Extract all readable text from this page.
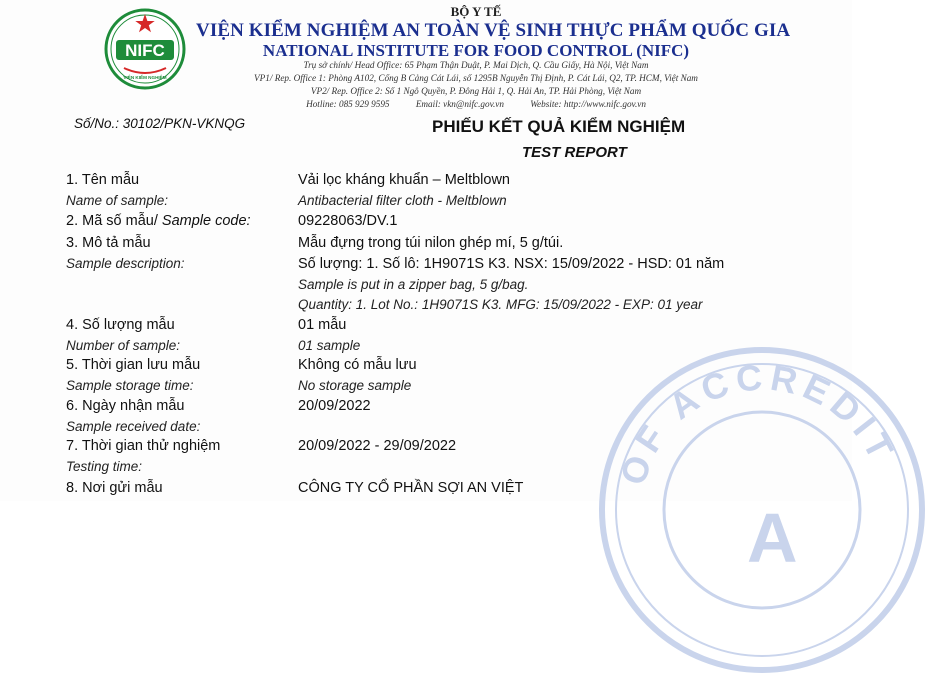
OF ACCREDIT
A
NIFC
VIỆN KIỂM NGHIỆM
BỘ Y TẾ
VIỆN KIỂM NGHIỆM AN TOÀN VỆ SINH THỰC PHẨM QUỐC GIA
NATIONAL INSTITUTE FOR FOOD CONTROL (NIFC)
Trụ sở chính/ Head Office: 65 Phạm Thận Duật, P. Mai Dịch, Q. Cầu Giấy, Hà Nội, Việt Nam
VP1/ Rep. Office 1: Phòng A102, Cổng B Cảng Cát Lái, số 1295B Nguyễn Thị Định, P. Cát Lái, Q2, TP. HCM, Việt Nam
VP2/ Rep. Office 2: Số 1 Ngô Quyền, P. Đông Hải 1, Q. Hải An, TP. Hải Phòng, Việt Nam
Hotline: 085 929 9595	Email: vkn@nifc.gov.vn	Website: http://www.nifc.gov.vn
Số/No.: 30102/PKN-VKNQG	PHIẾU KẾT QUẢ KIỂM NGHIỆM
TEST REPORT
1. Tên mẫu	Vải lọc kháng khuẩn – Meltblown
Name of sample:	Antibacterial filter cloth - Meltblown
2. Mã số mẫu/ Sample code:	09228063/DV.1
3. Mô tả mẫu	Mẫu đựng trong túi nilon ghép mí, 5 g/túi.
Sample description:	Số lượng: 1. Số lô: 1H9071S K3. NSX: 15/09/2022 - HSD: 01 năm
Sample is put in a zipper bag, 5 g/bag.
Quantity: 1. Lot No.: 1H9071S K3. MFG: 15/09/2022 - EXP: 01 year
4. Số lượng mẫu	01 mẫu
Number of sample:	01 sample
5. Thời gian lưu mẫu	Không có mẫu lưu
Sample storage time:	No storage sample
6. Ngày nhận mẫu	20/09/2022
Sample received date:
7. Thời gian thử nghiệm	20/09/2022 - 29/09/2022
Testing time:
8. Nơi gửi mẫu	CÔNG TY CỔ PHẦN SỢI AN VIỆT
